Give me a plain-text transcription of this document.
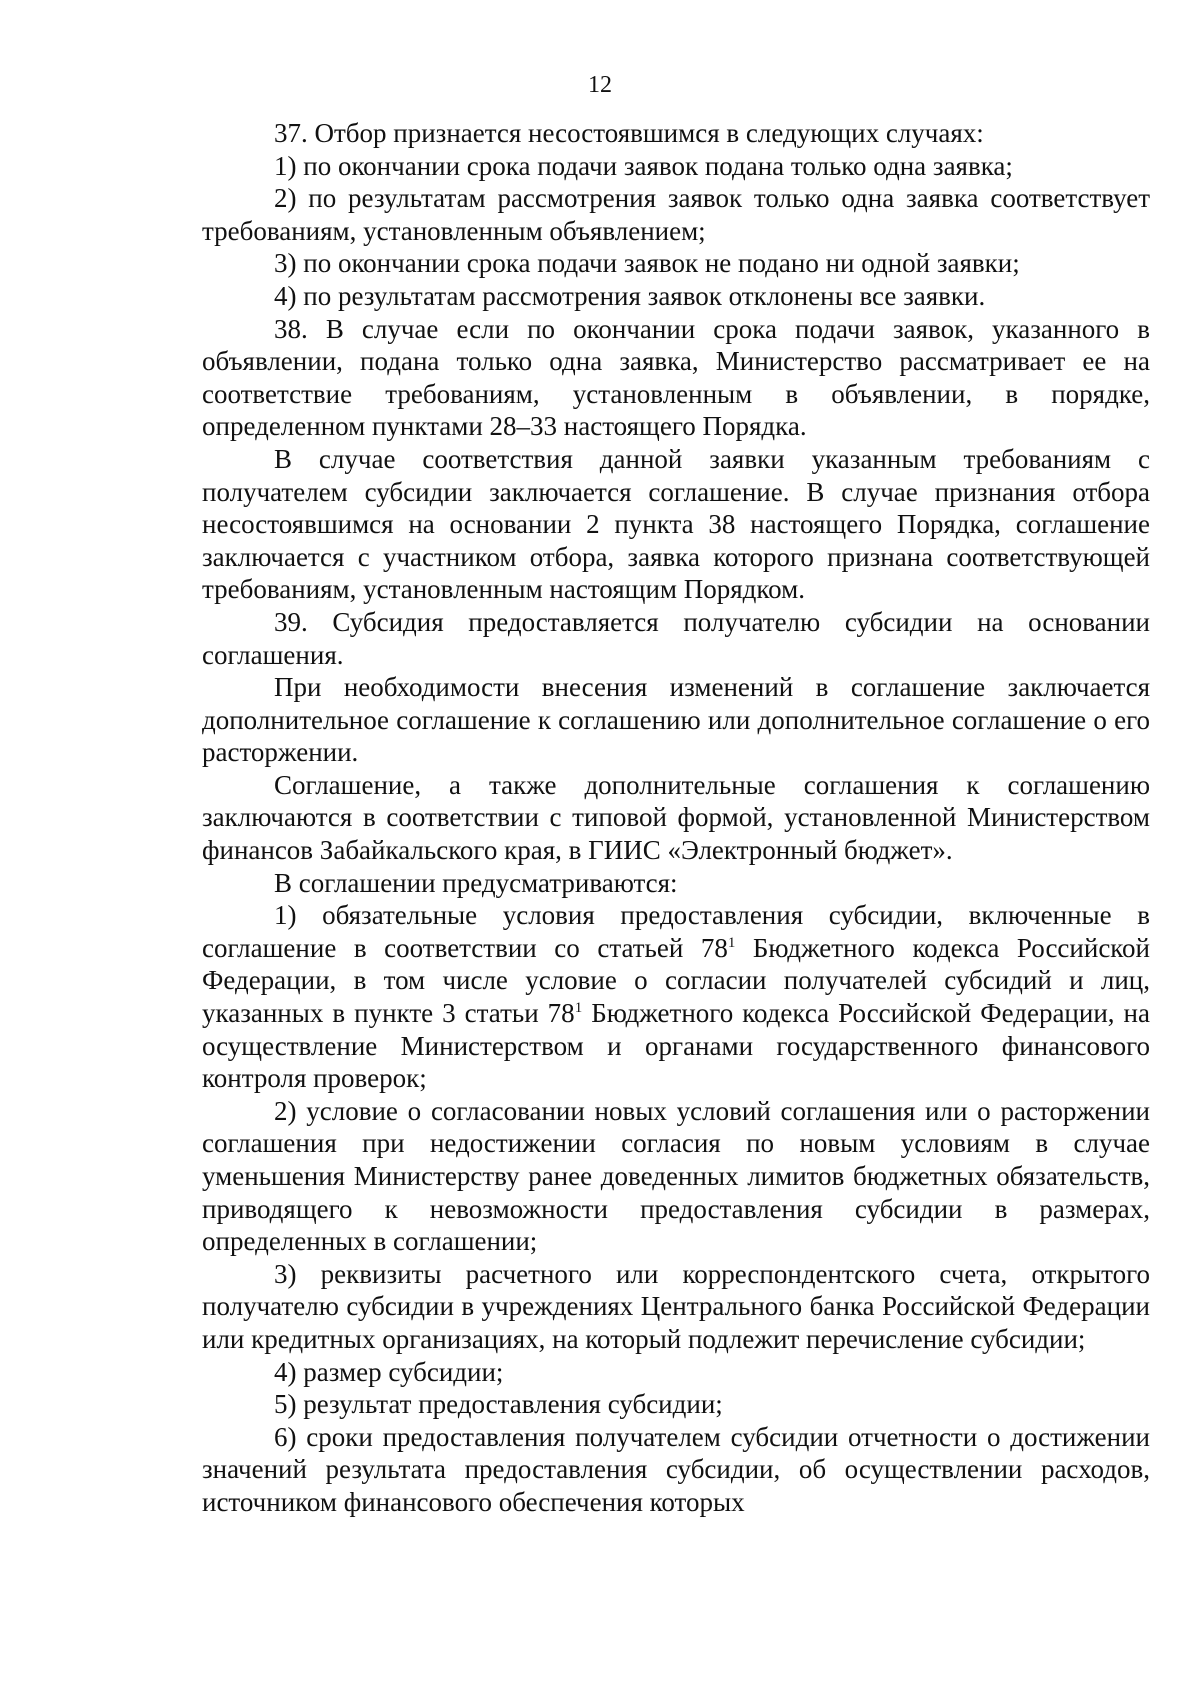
12

37. Отбор признается несостоявшимся в следующих случаях:

1) по окончании срока подачи заявок подана только одна заявка;

2) по результатам рассмотрения заявок только одна заявка соответствует требованиям, установленным объявлением;

3) по окончании срока подачи заявок не подано ни одной заявки;

4) по результатам рассмотрения заявок отклонены все заявки.

38. В случае если по окончании срока подачи заявок, указанного в объявлении, подана только одна заявка, Министерство рассматривает ее на соответствие требованиям, установленным в объявлении, в порядке, определенном пунктами 28–33 настоящего Порядка.

В случае соответствия данной заявки указанным требованиям с получателем субсидии заключается соглашение. В случае признания отбора несостоявшимся на основании 2 пункта 38 настоящего Порядка, соглашение заключается с участником отбора, заявка которого признана соответствующей требованиям, установленным настоящим Порядком.

39. Субсидия предоставляется получателю субсидии на основании соглашения.

При необходимости внесения изменений в соглашение заключается дополнительное соглашение к соглашению или дополнительное соглашение о его расторжении.

Соглашение, а также дополнительные соглашения к соглашению заключаются в соответствии с типовой формой, установленной Министерством финансов Забайкальского края, в ГИИС «Электронный бюджет».

В соглашении предусматриваются:

1) обязательные условия предоставления субсидии, включенные в соглашение в соответствии со статьей $78^1$ Бюджетного кодекса Российской Федерации, в том числе условие о согласии получателей субсидий и лиц, указанных в пункте 3 статьи $78^1$ Бюджетного кодекса Российской Федерации, на осуществление Министерством и органами государственного финансового контроля проверок;

2) условие о согласовании новых условий соглашения или о расторжении соглашения при недостижении согласия по новым условиям в случае уменьшения Министерству ранее доведенных лимитов бюджетных обязательств, приводящего к невозможности предоставления субсидии в размерах, определенных в соглашении;

3) реквизиты расчетного или корреспондентского счета, открытого получателю субсидии в учреждениях Центрального банка Российской Федерации или кредитных организациях, на который подлежит перечисление субсидии;

4) размер субсидии;

5) результат предоставления субсидии;

6) сроки предоставления получателем субсидии отчетности о достижении значений результата предоставления субсидии, об осуществлении расходов, источником финансового обеспечения которых
